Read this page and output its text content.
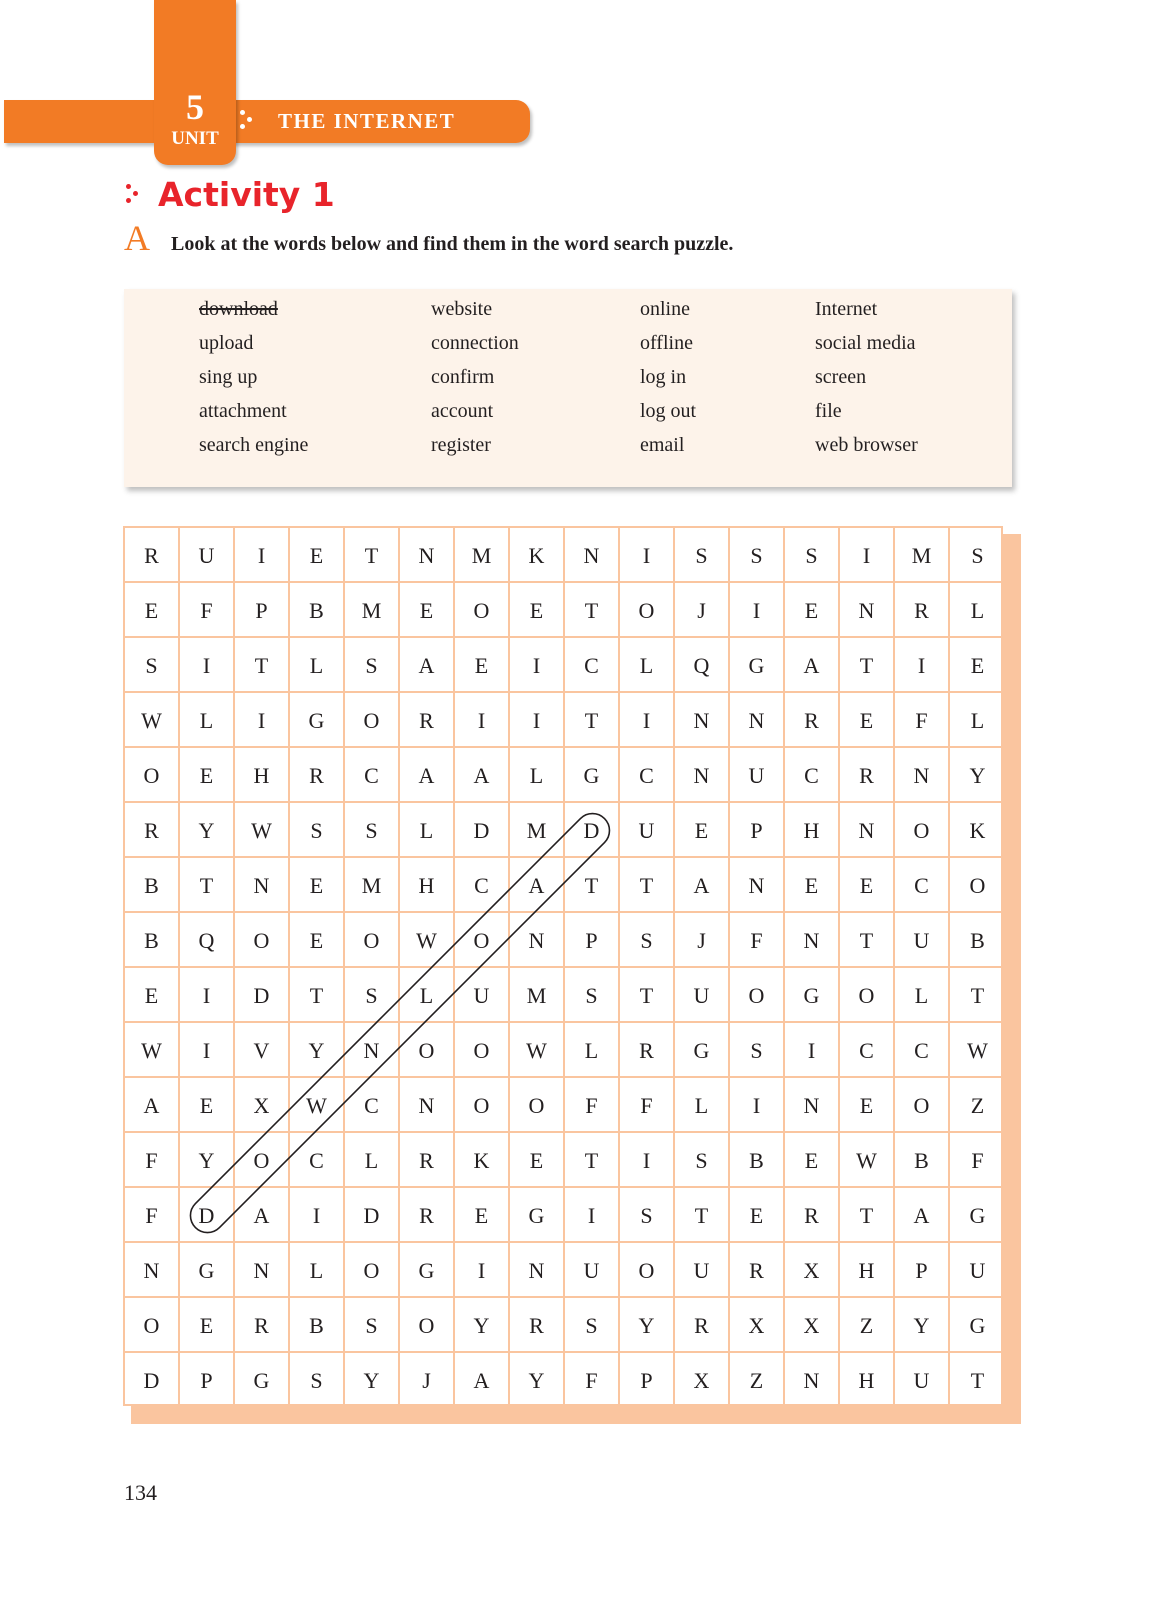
5
UNIT
THE INTERNET
Activity 1
A Look at the words below and find them in the word search puzzle.
download
upload
sing up
attachment
search engine
website
connection
confirm
account
register
online
offline
log in
log out
email
Internet
social media
screen
file
web browser
R	U	I	E	T	N	M	K	N	I	S	S	S	I	M	S
E	F	P	B	M	E	O	E	T	O	J	I	E	N	R	L
S	I	T	L	S	A	E	I	C	L	Q	G	A	T	I	E
W	L	I	G	O	R	I	I	T	I	N	N	R	E	F	L
O	E	H	R	C	A	A	L	G	C	N	U	C	R	N	Y
R	Y	W	S	S	L	D	M	D	U	E	P	H	N	O	K
B	T	N	E	M	H	C	A	T	T	A	N	E	E	C	O
B	Q	O	E	O	W	O	N	P	S	J	F	N	T	U	B
E	I	D	T	S	L	U	M	S	T	U	O	G	O	L	T
W	I	V	Y	N	O	O	W	L	R	G	S	I	C	C	W
A	E	X	W	C	N	O	O	F	F	L	I	N	E	O	Z
F	Y	O	C	L	R	K	E	T	I	S	B	E	W	B	F
F	D	A	I	D	R	E	G	I	S	T	E	R	T	A	G
N	G	N	L	O	G	I	N	U	O	U	R	X	H	P	U
O	E	R	B	S	O	Y	R	S	Y	R	X	X	Z	Y	G
D	P	G	S	Y	J	A	Y	F	P	X	Z	N	H	U	T
134
